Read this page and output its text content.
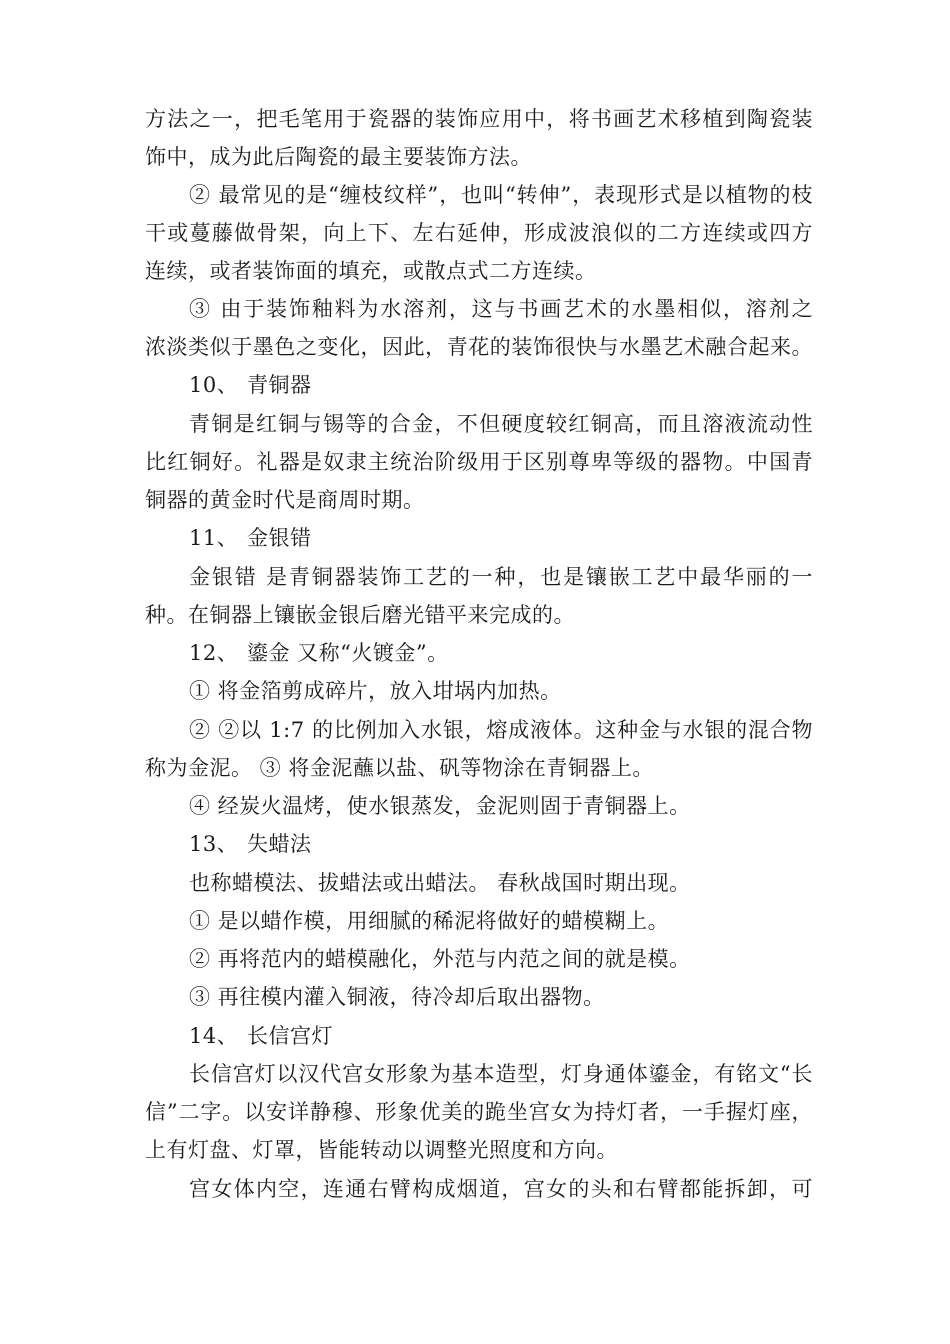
方法之一，把毛笔用于瓷器的装饰应用中，将书画艺术移植到陶瓷装
饰中，成为此后陶瓷的最主要装饰方法。
② 最常见的是“缠枝纹样”，也叫“转伸”，表现形式是以植物的枝
干或蔓藤做骨架，向上下、左右延伸，形成波浪似的二方连续或四方
连续，或者装饰面的填充，或散点式二方连续。
③ 由于装饰釉料为水溶剂，这与书画艺术的水墨相似，溶剂之
浓淡类似于墨色之变化，因此，青花的装饰很快与水墨艺术融合起来。
10、 青铜器
青铜是红铜与锡等的合金，不但硬度较红铜高，而且溶液流动性
比红铜好。礼器是奴隶主统治阶级用于区别尊卑等级的器物。中国青
铜器的黄金时代是商周时期。
11、 金银错
金银错 是青铜器装饰工艺的一种，也是镶嵌工艺中最华丽的一
种。在铜器上镶嵌金银后磨光错平来完成的。
12、 鎏金 又称“火镀金”。
① 将金箔剪成碎片，放入坩埚内加热。
② ②以 1:7 的比例加入水银，熔成液体。这种金与水银的混合物
称为金泥。 ③ 将金泥蘸以盐、矾等物涂在青铜器上。
④ 经炭火温烤，使水银蒸发，金泥则固于青铜器上。
13、 失蜡法
也称蜡模法、拔蜡法或出蜡法。 春秋战国时期出现。
① 是以蜡作模，用细腻的稀泥将做好的蜡模糊上。
② 再将范内的蜡模融化，外范与内范之间的就是模。
③ 再往模内灌入铜液，待冷却后取出器物。
14、 长信宫灯
长信宫灯以汉代宫女形象为基本造型，灯身通体鎏金，有铭文“长
信”二字。以安详静穆、形象优美的跪坐宫女为持灯者，一手握灯座，
上有灯盘、灯罩，皆能转动以调整光照度和方向。
宫女体内空，连通右臂构成烟道，宫女的头和右臂都能拆卸，可
